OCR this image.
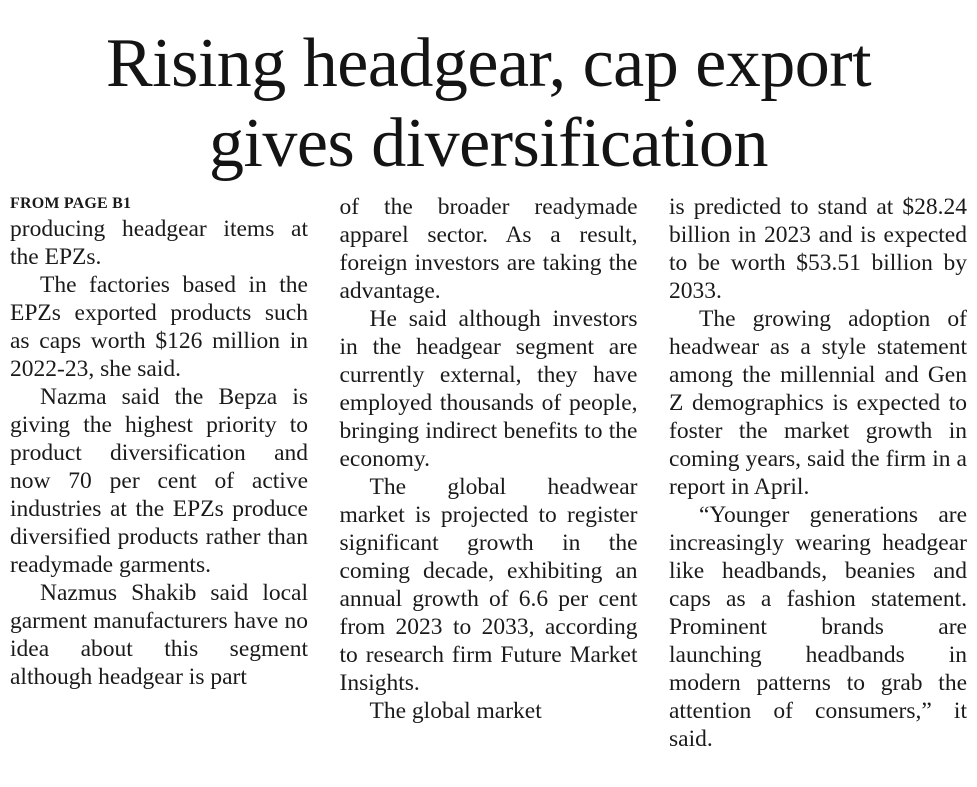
Rising headgear, cap export
gives diversification
FROM PAGE B1

producing headgear items at the EPZs.

The factories based in the EPZs exported products such as caps worth $126 million in 2022-23, she said.

Nazma said the Bepza is giving the highest priority to product diversification and now 70 per cent of active industries at the EPZs produce diversified products rather than readymade garments.

Nazmus Shakib said local garment manufacturers have no idea about this segment although headgear is part

of the broader readymade apparel sector. As a result, foreign investors are taking the advantage.

He said although investors in the headgear segment are currently external, they have employed thousands of people, bringing indirect benefits to the economy.

The global headwear market is projected to register significant growth in the coming decade, exhibiting an annual growth of 6.6 per cent from 2023 to 2033, according to research firm Future Market Insights.

The global market

is predicted to stand at $28.24 billion in 2023 and is expected to be worth $53.51 billion by 2033.

The growing adoption of headwear as a style statement among the millennial and Gen Z demographics is expected to foster the market growth in coming years, said the firm in a report in April.

“Younger generations are increasingly wearing headgear like headbands, beanies and caps as a fashion statement. Prominent brands are launching headbands in modern patterns to grab the attention of consumers,” it said.
